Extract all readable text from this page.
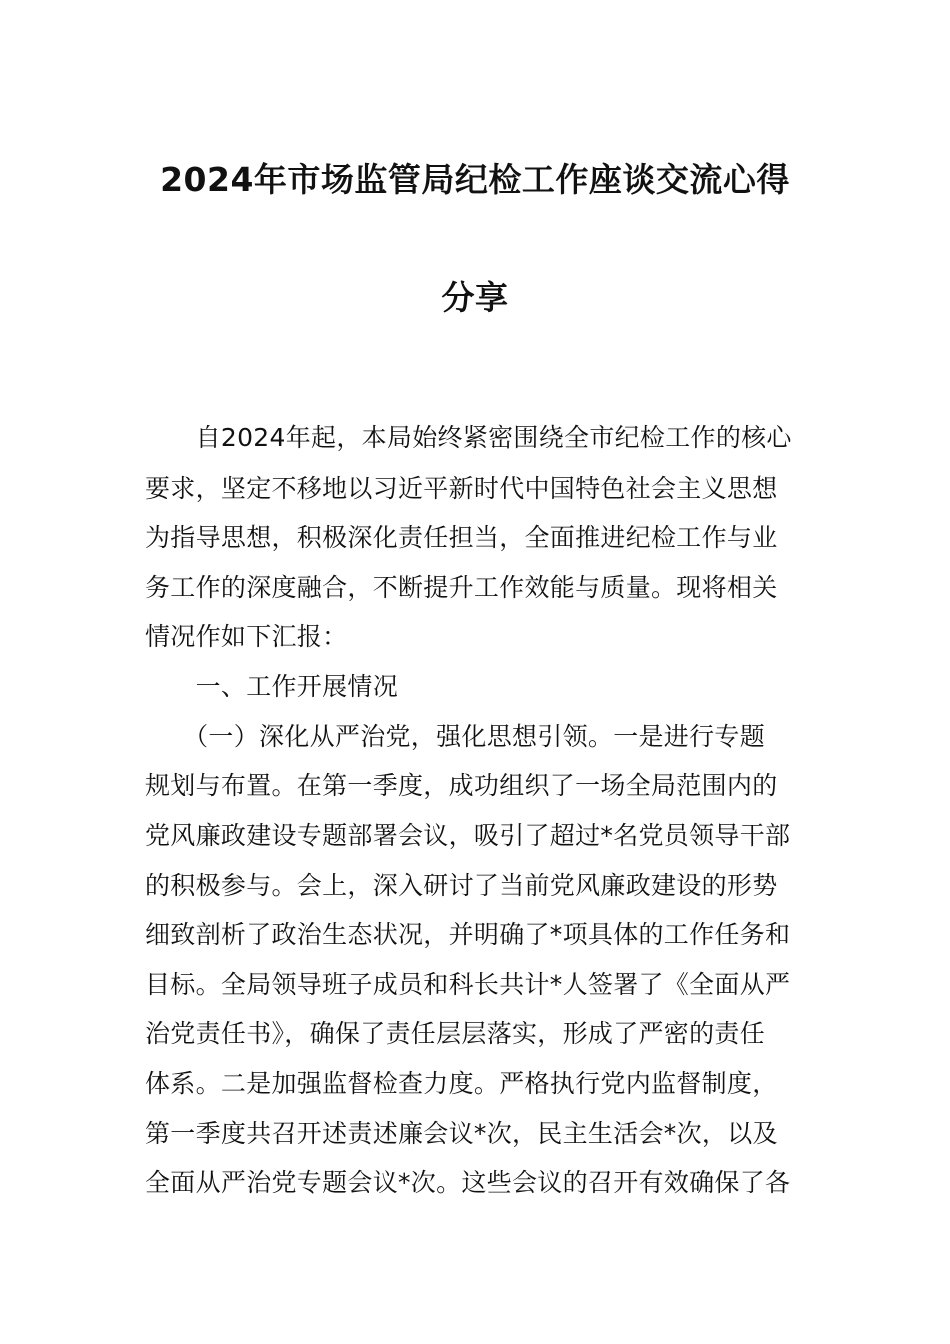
2024年市场监管局纪检工作座谈交流心得
分享
　　自2024年起，本局始终紧密围绕全市纪检工作的核心
要求，坚定不移地以习近平新时代中国特色社会主义思想
为指导思想，积极深化责任担当，全面推进纪检工作与业
务工作的深度融合，不断提升工作效能与质量。现将相关
情况作如下汇报：
　　一、工作开展情况
　　（一）深化从严治党，强化思想引领。一是进行专题
规划与布置。在第一季度，成功组织了一场全局范围内的
党风廉政建设专题部署会议，吸引了超过*名党员领导干部
的积极参与。会上，深入研讨了当前党风廉政建设的形势
细致剖析了政治生态状况，并明确了*项具体的工作任务和
目标。全局领导班子成员和科长共计*人签署了《全面从严
治党责任书》，确保了责任层层落实，形成了严密的责任
体系。二是加强监督检查力度。严格执行党内监督制度，
第一季度共召开述责述廉会议*次，民主生活会*次，以及
全面从严治党专题会议*次。这些会议的召开有效确保了各
